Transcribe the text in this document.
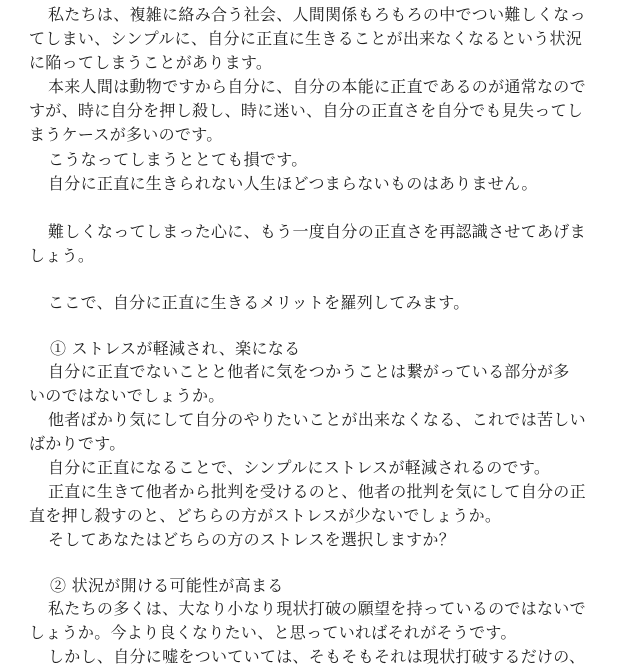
私たちは、複雑に絡み合う社会、人間関係もろもろの中でつい難しくなっ

てしまい、シンプルに、自分に正直に生きることが出来なくなるという状況

に陥ってしまうことがあります。

本来人間は動物ですから自分に、自分の本能に正直であるのが通常なので

すが、時に自分を押し殺し、時に迷い、自分の正直さを自分でも見失ってし

まうケースが多いのです。

こうなってしまうととても損です。

自分に正直に生きられない人生ほどつまらないものはありません。

難しくなってしまった心に、もう一度自分の正直さを再認識させてあげま

しょう。

ここで、自分に正直に生きるメリットを羅列してみます。

① ストレスが軽減され、楽になる

自分に正直でないことと他者に気をつかうことは繋がっている部分が多

いのではないでしょうか。

他者ばかり気にして自分のやりたいことが出来なくなる、これでは苦しい

ばかりです。

自分に正直になることで、シンプルにストレスが軽減されるのです。

正直に生きて他者から批判を受けるのと、他者の批判を気にして自分の正

直を押し殺すのと、どちらの方がストレスが少ないでしょうか。

そしてあなたはどちらの方のストレスを選択しますか？

② 状況が開ける可能性が高まる

私たちの多くは、大なり小なり現状打破の願望を持っているのではないで

しょうか。今より良くなりたい、と思っていればそれがそうです。

しかし、自分に嘘をついていては、そもそもそれは現状打破するだけの、
